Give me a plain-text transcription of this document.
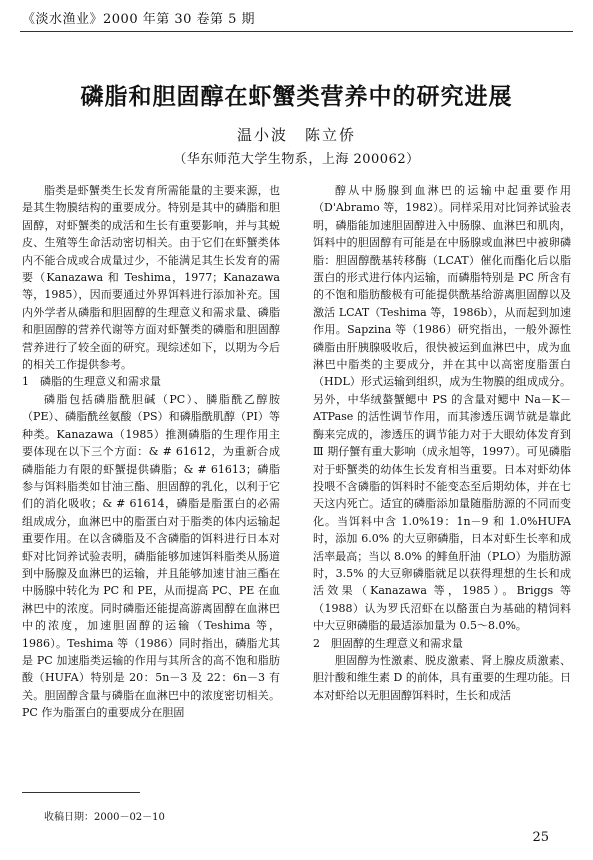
《淡水渔业》2000 年第 30 卷第 5 期
磷脂和胆固醇在虾蟹类营养中的研究进展
温小波　陈立侨
（华东师范大学生物系，上海 200062）

脂类是虾蟹类生长发育所需能量的主要来源，也是其生物膜结构的重要成分。特别是其中的磷脂和胆固醇，对虾蟹类的成活和生长有重要影响，并与其蜕皮、生殖等生命活动密切相关。由于它们在虾蟹类体内不能合成或合成量过少，不能满足其生长发育的需要（Kanazawa 和 Teshima，1977；Kanazawa 等，1985），因而要通过外界饵料进行添加补充。国内外学者从磷脂和胆固醇的生理意义和需求量、磷脂和胆固醇的营养代谢等方面对虾蟹类的磷脂和胆固醇营养进行了较全面的研究。现综述如下，以期为今后的相关工作提供参考。

1　磷脂的生理意义和需求量

磷脂包括磷脂酰胆碱（PC）、膦脂酰乙醇胺（PE）、磷脂酰丝氨酸（PS）和磷脂酰肌醇（PI）等种类。Kanazawa（1985）推测磷脂的生理作用主要体现在以下三个方面：& # 61612，为重新合成磷脂能力有限的虾蟹提供磷脂；& # 61613；磷脂参与饵料脂类如甘油三酯、胆固醇的乳化，以利于它们的消化吸收；& # 61614，磷脂是脂蛋白的必需组成成分，血淋巴中的脂蛋白对于脂类的体内运输起重要作用。在以含磷脂及不含磷脂的饵料进行日本对虾对比饲养试验表明，磷脂能够加速饵料脂类从肠道到中肠腺及血淋巴的运输，并且能够加速甘油三酯在中肠腺中转化为 PC 和 PE，从而提高 PC、PE 在血淋巴中的浓度。同时磷脂还能提高游离固醇在血淋巴中的浓度，加速胆固醇的运输（Teshima 等，1986）。Teshima 等（1986）同时指出，磷脂尤其是 PC 加速脂类运输的作用与其所含的高不饱和脂肪酸（HUFA）特别是 20：5n－3 及 22：6n－3 有关。胆固醇含量与磷脂在血淋巴中的浓度密切相关。PC 作为脂蛋白的重要成分在胆固

醇从中肠腺到血淋巴的运输中起重要作用（D'Abramo 等，1982）。同样采用对比饲养试验表明，磷脂能加速胆固醇进入中肠腺、血淋巴和肌肉，饵料中的胆固醇有可能是在中肠腺或血淋巴中被卵磷脂：胆固醇酰基转移酶（LCAT）催化而酯化后以脂蛋白的形式进行体内运输，而磷脂特别是 PC 所含有的不饱和脂肪酸极有可能提供酰基给游离胆固醇以及激活 LCAT（Teshima 等，1986b），从而起到加速作用。Sapzina 等（1986）研究指出，一般外源性磷脂由肝胰腺吸收后，很快被运到血淋巴中，成为血淋巴中脂类的主要成分，并在其中以高密度脂蛋白（HDL）形式运输到组织，成为生物膜的组成成分。另外，中华绒螯蟹鳃中 PS 的含量对鳃中 Na－K－ATPase 的活性调节作用，而其渗透压调节就是靠此酶来完成的，渗透压的调节能力对于大眼幼体发育到 Ⅲ 期仔蟹有重大影响（成永旭等，1997）。可见磷脂对于虾蟹类的幼体生长发育相当重要。日本对虾幼体投喂不含磷脂的饵料时不能变态至后期幼体，并在七天这内死亡。适宜的磷脂添加量随脂肪源的不同而变化。当饵料中含 1.0%19：1n－9 和 1.0%HUFA 时，添加 6.0% 的大豆卵磷脂，日本对虾生长率和成活率最高；当以 8.0% 的鲱鱼肝油（PLO）为脂肪源时，3.5% 的大豆卵磷脂就足以获得理想的生长和成活效果（Kanazawa 等，1985）。Briggs 等（1988）认为罗氏沼虾在以酪蛋白为基础的精饲料中大豆卵磷脂的最适添加量为 0.5～8.0%。

2　胆固醇的生理意义和需求量

胆固醇为性激素、脱皮激素、肾上腺皮质激素、胆汁酸和维生素 D 的前体，具有重要的生理功能。日本对虾给以无胆固醇饵料时，生长和成活

收稿日期：2000－02－10
25
